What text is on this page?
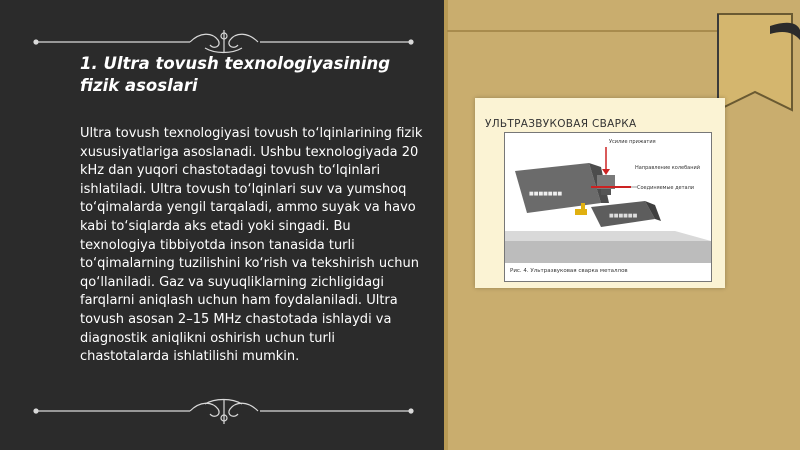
1. Ultra tovush texnologiyasining fizik asoslari

Ultra tovush texnologiyasi tovush to‘lqinlarining fizik xususiyatlariga asoslanadi. Ushbu texnologiyada 20 kHz dan yuqori chastotadagi tovush to‘lqinlari ishlatiladi. Ultra tovush to‘lqinlari suv va yumshoq to‘qimalarda yengil tarqaladi, ammo suyak va havo kabi to‘siqlarda aks etadi yoki singadi. Bu texnologiya tibbiyotda inson tanasida turli to‘qimalarning tuzilishini ko‘rish va tekshirish uchun qo‘llaniladi. Gaz va suyuqliklarning zichligidagi farqlarni aniqlash uchun ham foydalaniladi. Ultra tovush asosan 2–15 MHz chastotada ishlaydi va diagnostik aniqlikni oshirish uchun turli chastotalarda ishlatilishi mumkin.

УЛЬТРАЗВУКОВАЯ СВАРКА
■■■■■■■
■■■■■■
Усилие прижатия
Направление колебаний
Соединяемые детали
Рис. 4. Ультразвуковая сварка металлов
